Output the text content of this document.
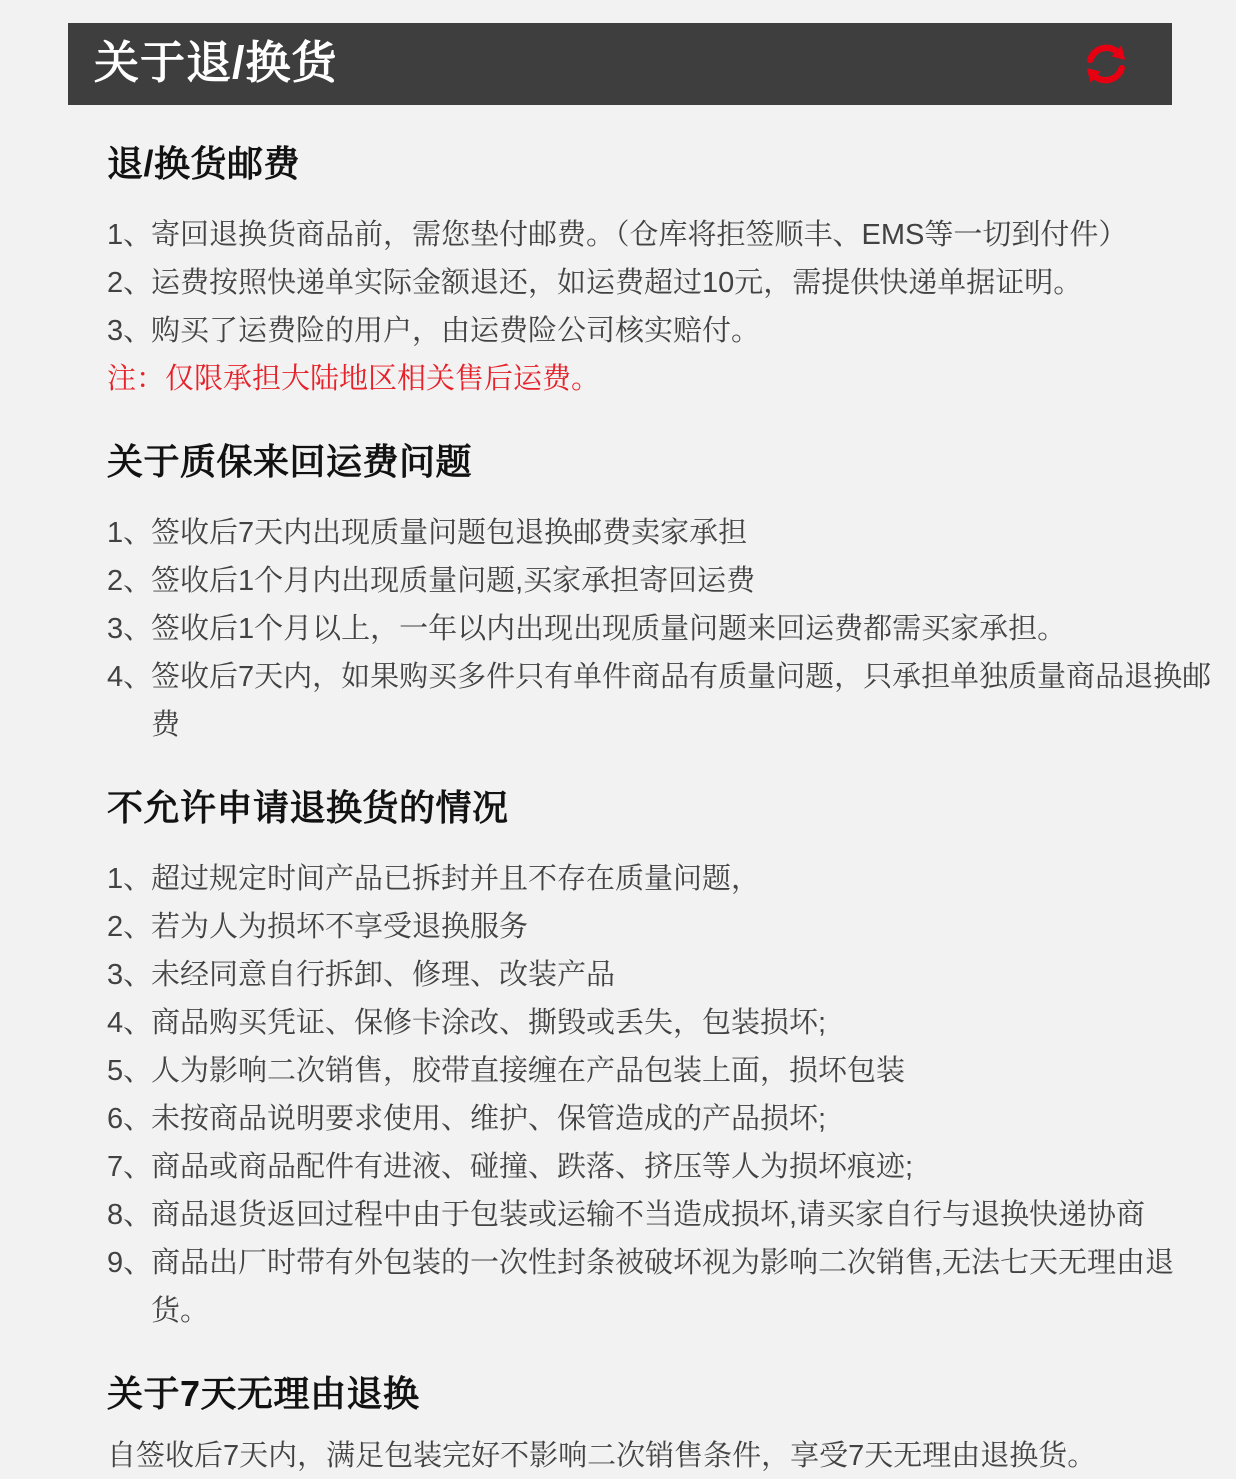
关于退/换货
退/换货邮费
1、
寄回退换货商品前，需您垫付邮费。（仓库将拒签顺丰、EMS等一切到付件）
2、
运费按照快递单实际金额退还，如运费超过10元，需提供快递单据证明。
3、
购买了运费险的用户，由运费险公司核实赔付。
注：仅限承担大陆地区相关售后运费。
关于质保来回运费问题
1、
签收后7天内出现质量问题包退换邮费卖家承担
2、
签收后1个月内出现质量问题,买家承担寄回运费
3、
签收后1个月以上，一年以内出现出现质量问题来回运费都需买家承担。
4、
签收后7天内，如果购买多件只有单件商品有质量问题，只承担单独质量商品退换邮费
不允许申请退换货的情况
1、
超过规定时间产品已拆封并且不存在质量问题，
2、
若为人为损坏不享受退换服务
3、
未经同意自行拆卸、修理、改装产品
4、
商品购买凭证、保修卡涂改、撕毁或丢失，包装损坏;
5、
人为影响二次销售，胶带直接缠在产品包装上面，损坏包装
6、
未按商品说明要求使用、维护、保管造成的产品损坏;
7、
商品或商品配件有进液、碰撞、跌落、挤压等人为损坏痕迹;
8、
商品退货返回过程中由于包装或运输不当造成损坏,请买家自行与退换快递协商
9、
商品出厂时带有外包装的一次性封条被破坏视为影响二次销售,无法七天无理由退货。
关于7天无理由退换

自签收后7天内，满足包装完好不影响二次销售条件，享受7天无理由退换货。
